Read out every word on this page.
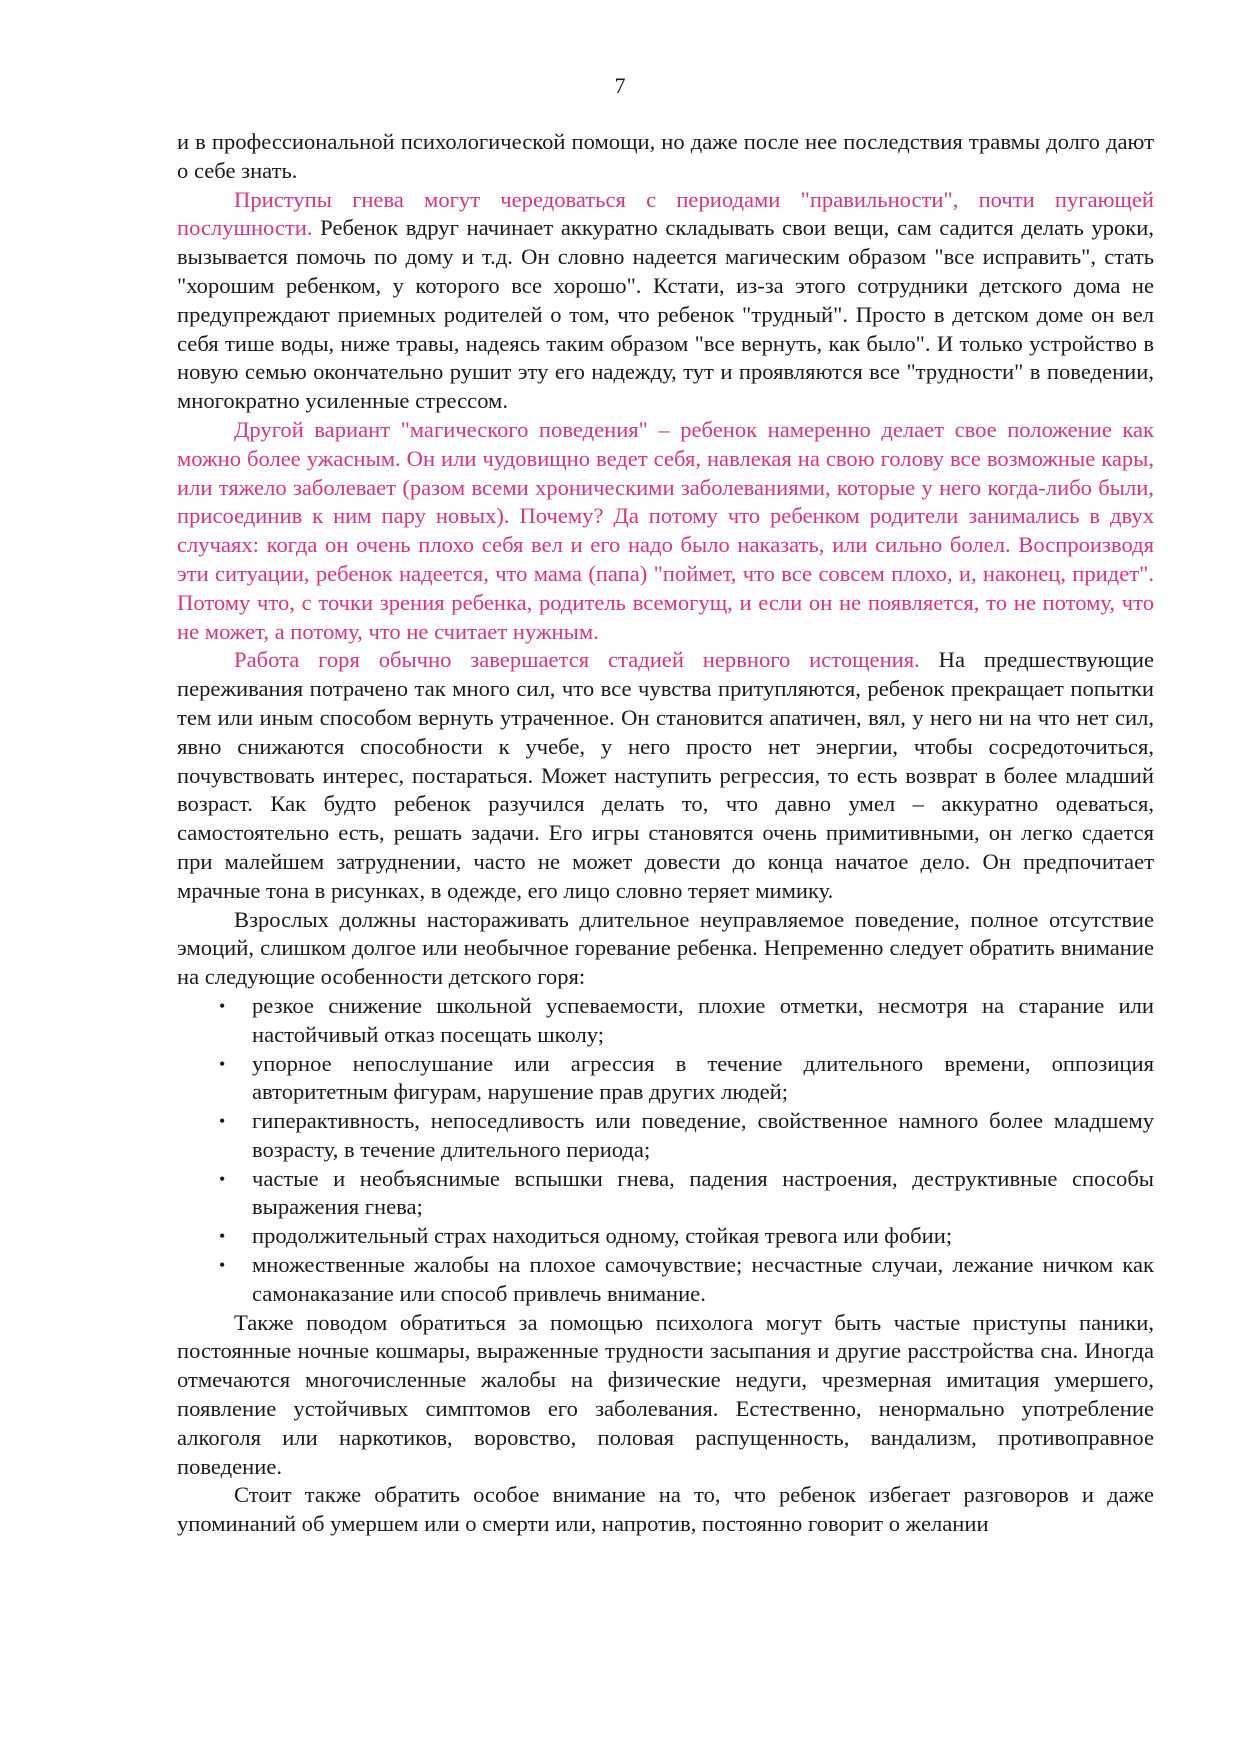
7

и в профессиональной психологической помощи, но даже после нее последствия травмы долго дают о себе знать.

Приступы гнева могут чередоваться с периодами "правильности", почти пугающей послушности. Ребенок вдруг начинает аккуратно складывать свои вещи, сам садится делать уроки, вызывается помочь по дому и т.д. Он словно надеется магическим образом "все исправить", стать "хорошим ребенком, у которого все хорошо". Кстати, из-за этого сотрудники детского дома не предупреждают приемных родителей о том, что ребенок "трудный". Просто в детском доме он вел себя тише воды, ниже травы, надеясь таким образом "все вернуть, как было". И только устройство в новую семью окончательно рушит эту его надежду, тут и проявляются все "трудности" в поведении, многократно усиленные стрессом.

Другой вариант "магического поведения" – ребенок намеренно делает свое положение как можно более ужасным. Он или чудовищно ведет себя, навлекая на свою голову все возможные кары, или тяжело заболевает (разом всеми хроническими заболеваниями, которые у него когда-либо были, присоединив к ним пару новых). Почему? Да потому что ребенком родители занимались в двух случаях: когда он очень плохо себя вел и его надо было наказать, или сильно болел. Воспроизводя эти ситуации, ребенок надеется, что мама (папа) "поймет, что все совсем плохо, и, наконец, придет". Потому что, с точки зрения ребенка, родитель всемогущ, и если он не появляется, то не потому, что не может, а потому, что не считает нужным.

Работа горя обычно завершается стадией нервного истощения. На предшествующие переживания потрачено так много сил, что все чувства притупляются, ребенок прекращает попытки тем или иным способом вернуть утраченное. Он становится апатичен, вял, у него ни на что нет сил, явно снижаются способности к учебе, у него просто нет энергии, чтобы сосредоточиться, почувствовать интерес, постараться. Может наступить регрессия, то есть возврат в более младший возраст. Как будто ребенок разучился делать то, что давно умел – аккуратно одеваться, самостоятельно есть, решать задачи. Его игры становятся очень примитивными, он легко сдается при малейшем затруднении, часто не может довести до конца начатое дело. Он предпочитает мрачные тона в рисунках, в одежде, его лицо словно теряет мимику.

Взрослых должны настораживать длительное неуправляемое поведение, полное отсутствие эмоций, слишком долгое или необычное горевание ребенка. Непременно следует обратить внимание на следующие особенности детского горя:

• резкое снижение школьной успеваемости, плохие отметки, несмотря на старание или настойчивый отказ посещать школу;
• упорное непослушание или агрессия в течение длительного времени, оппозиция авторитетным фигурам, нарушение прав других людей;
• гиперактивность, непоседливость или поведение, свойственное намного более младшему возрасту, в течение длительного периода;
• частые и необъяснимые вспышки гнева, падения настроения, деструктивные способы выражения гнева;
• продолжительный страх находиться одному, стойкая тревога или фобии;
• множественные жалобы на плохое самочувствие; несчастные случаи, лежание ничком как самонаказание или способ привлечь внимание.

Также поводом обратиться за помощью психолога могут быть частые приступы паники, постоянные ночные кошмары, выраженные трудности засыпания и другие расстройства сна. Иногда отмечаются многочисленные жалобы на физические недуги, чрезмерная имитация умершего, появление устойчивых симптомов его заболевания. Естественно, ненормально употребление алкоголя или наркотиков, воровство, половая распущенность, вандализм, противоправное поведение.

Стоит также обратить особое внимание на то, что ребенок избегает разговоров и даже упоминаний об умершем или о смерти или, напротив, постоянно говорит о желании
